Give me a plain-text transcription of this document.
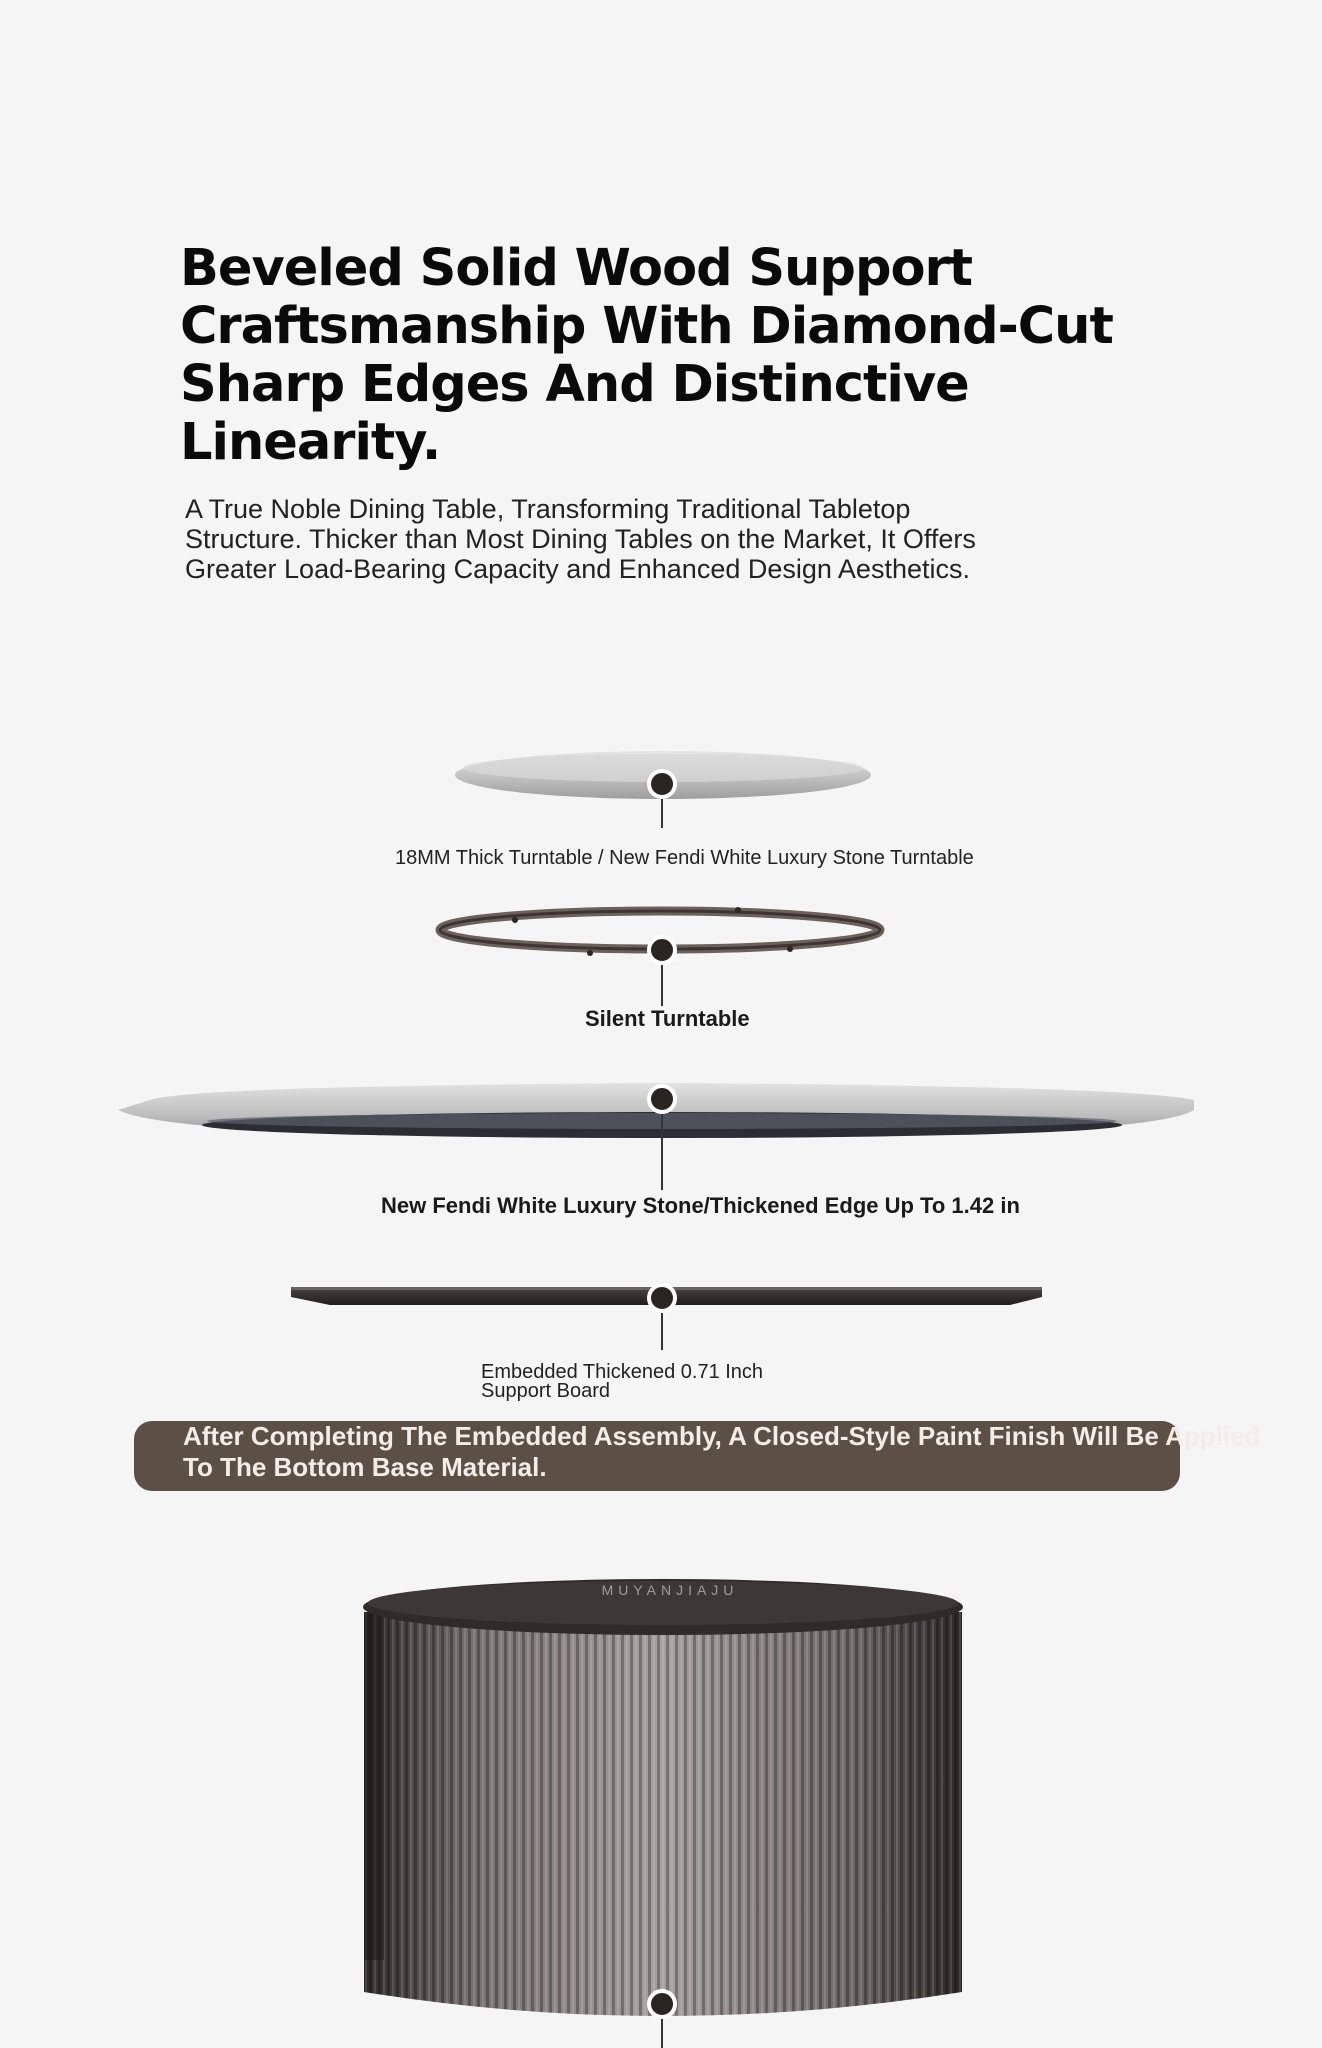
Beveled Solid Wood Support
Craftsmanship With Diamond-Cut
Sharp Edges And Distinctive Linearity.

A True Noble Dining Table, Transforming Traditional Tabletop
Structure. Thicker than Most Dining Tables on the Market, It Offers
Greater Load-Bearing Capacity and Enhanced Design Aesthetics.

18MM Thick Turntable / New Fendi White Luxury Stone Turntable
Silent Turntable
New Fendi White Luxury Stone/Thickened Edge Up To 1.42 in
Embedded Thickened 0.71 Inch
Support Board
After Completing The Embedded Assembly, A Closed-Style Paint Finish Will Be Applied
To The Bottom Base Material.
MUYANJIAJU
